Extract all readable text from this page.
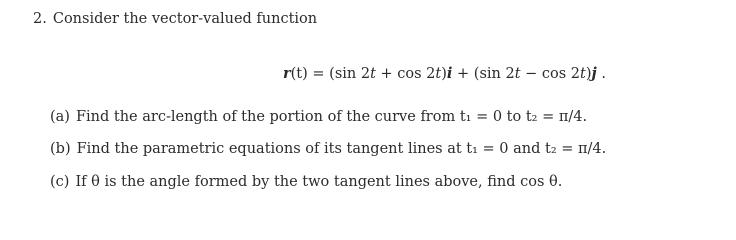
2. Consider the vector-valued function
r(t) = (sin 2t + cos 2t)i + (sin 2t − cos 2t)j .
(a) Find the arc-length of the portion of the curve from t₁ = 0 to t₂ = π/4.
(b) Find the parametric equations of its tangent lines at t₁ = 0 and t₂ = π/4.
(c) If θ is the angle formed by the two tangent lines above, find cos θ.
